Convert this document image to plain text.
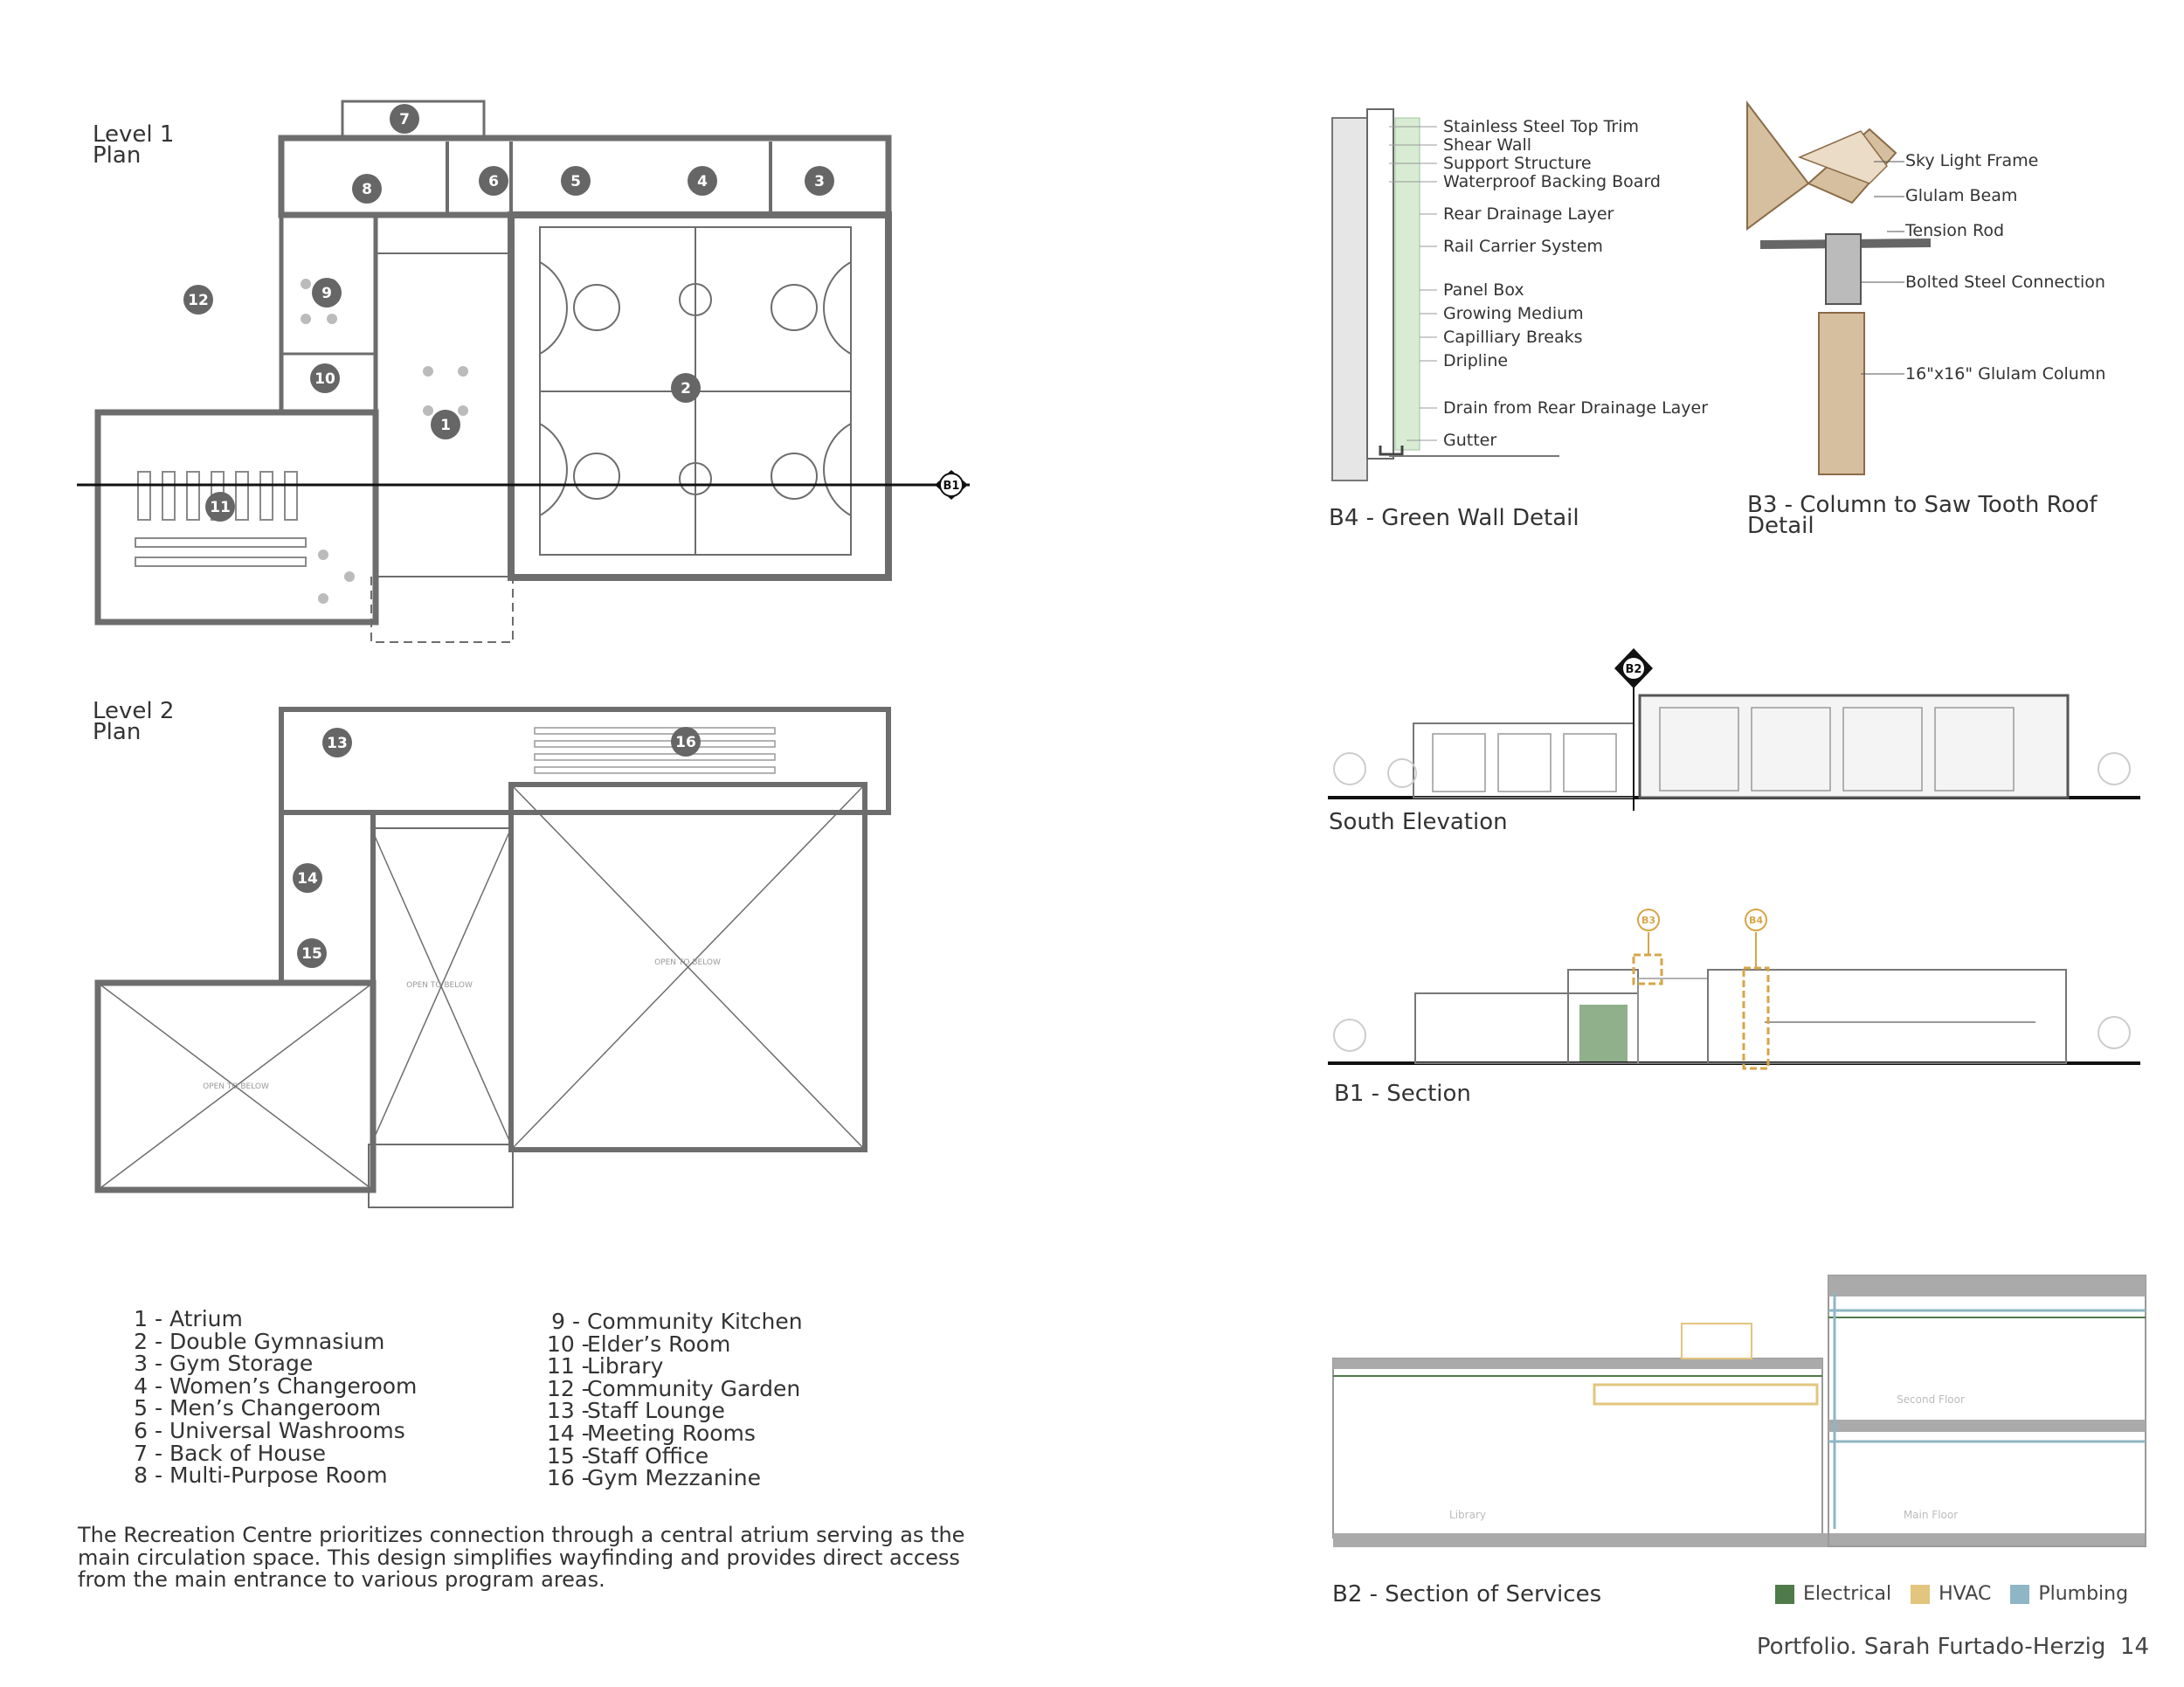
Level 1
Plan
B1
1
2
3
4
5
6
7
8
9
10
11
12
Level 2
Plan
OPEN TO BELOW
OPEN TO BELOW
OPEN TO BELOW
13
14
15
16
1 - Atrium
2 - Double Gymnasium
3 - Gym Storage
4 - Women’s Changeroom
5 - Men’s Changeroom
6 - Universal Washrooms
7 - Back of House
8 - Multi-Purpose Room
9 - Community Kitchen
10 - Elder’s Room
11 - Library
12 - Community Garden
13 - Staff Lounge
14 - Meeting Rooms
15 - Staff Office
16 - Gym Mezzanine
The Recreation Centre prioritizes connection through a central atrium serving as the main circulation space. This design simplifies wayfinding and provides direct access from the main entrance to various program areas.
Stainless Steel Top Trim
Shear Wall
Support Structure
Waterproof Backing Board
Rear Drainage Layer
Rail Carrier System
Panel Box
Growing Medium
Capilliary Breaks
Dripline
Drain from Rear Drainage Layer
Gutter
B4 - Green Wall Detail
Sky Light Frame
Glulam Beam
Tension Rod
Bolted Steel Connection
16"x16" Glulam Column
B3 - Column to Saw Tooth Roof
Detail
B2
South Elevation
B3	B4
B1 - Section
Library
Second Floor
Main Floor
B2 - Section of Services	Electrical HVAC Plumbing
Portfolio. Sarah Furtado-Herzig 14
